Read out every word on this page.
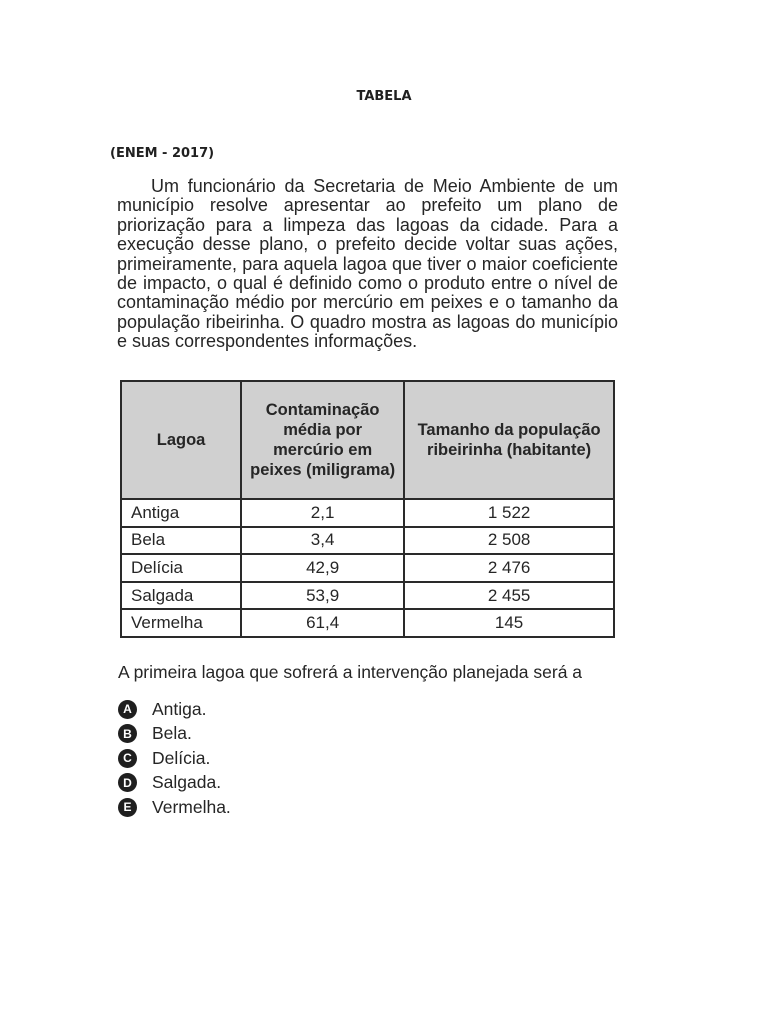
TABELA
(ENEM - 2017)

Um funcionário da Secretaria de Meio Ambiente de um município resolve apresentar ao prefeito um plano de priorização para a limpeza das lagoas da cidade. Para a execução desse plano, o prefeito decide voltar suas ações, primeiramente, para aquela lagoa que tiver o maior coeficiente de impacto, o qual é definido como o produto entre o nível de contaminação médio por mercúrio em peixes e o tamanho da população ribeirinha. O quadro mostra as lagoas do município e suas correspondentes informações.

Lagoa	Contaminação média por mercúrio em peixes (miligrama)	Tamanho da população ribeirinha (habitante)
Antiga	2,1	1 522
Bela	3,4	2 508
Delícia	42,9	2 476
Salgada	53,9	2 455
Vermelha	61,4	145
A primeira lagoa que sofrerá a intervenção planejada será a
A Antiga.
B Bela.
C Delícia.
D Salgada.
E	Vermelha.
